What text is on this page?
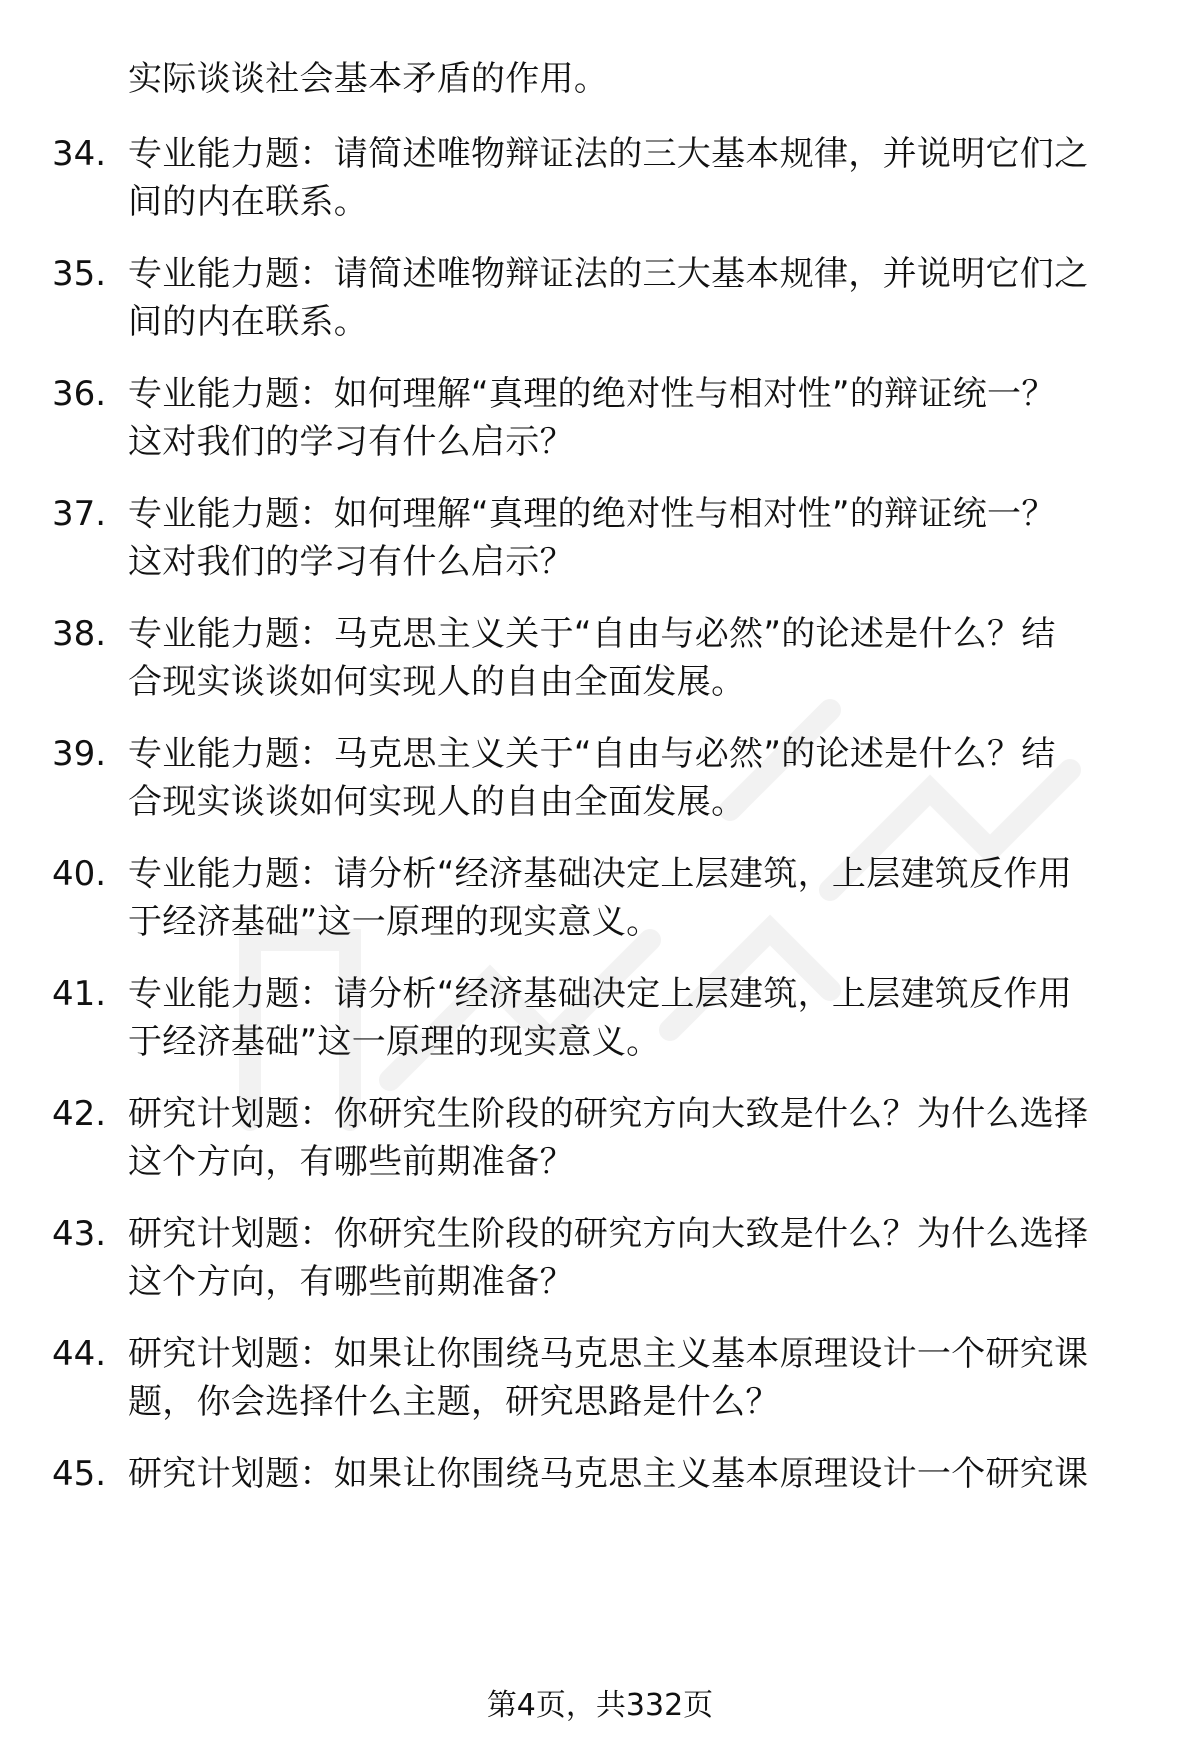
实际谈谈社会基本矛盾的作用。
34. 专业能力题：请简述唯物辩证法的三大基本规律，并说明它们之
间的内在联系。
35. 专业能力题：请简述唯物辩证法的三大基本规律，并说明它们之
间的内在联系。
36. 专业能力题：如何理解“真理的绝对性与相对性”的辩证统一？
这对我们的学习有什么启示？
37. 专业能力题：如何理解“真理的绝对性与相对性”的辩证统一？
这对我们的学习有什么启示？
38. 专业能力题：马克思主义关于“自由与必然”的论述是什么？结
合现实谈谈如何实现人的自由全面发展。
39. 专业能力题：马克思主义关于“自由与必然”的论述是什么？结
合现实谈谈如何实现人的自由全面发展。
40. 专业能力题：请分析“经济基础决定上层建筑，上层建筑反作用
于经济基础”这一原理的现实意义。
41. 专业能力题：请分析“经济基础决定上层建筑，上层建筑反作用
于经济基础”这一原理的现实意义。
42. 研究计划题：你研究生阶段的研究方向大致是什么？为什么选择
这个方向，有哪些前期准备？
43. 研究计划题：你研究生阶段的研究方向大致是什么？为什么选择
这个方向，有哪些前期准备？
44. 研究计划题：如果让你围绕马克思主义基本原理设计一个研究课
题，你会选择什么主题，研究思路是什么？
45. 研究计划题：如果让你围绕马克思主义基本原理设计一个研究课
第4页，共332页
